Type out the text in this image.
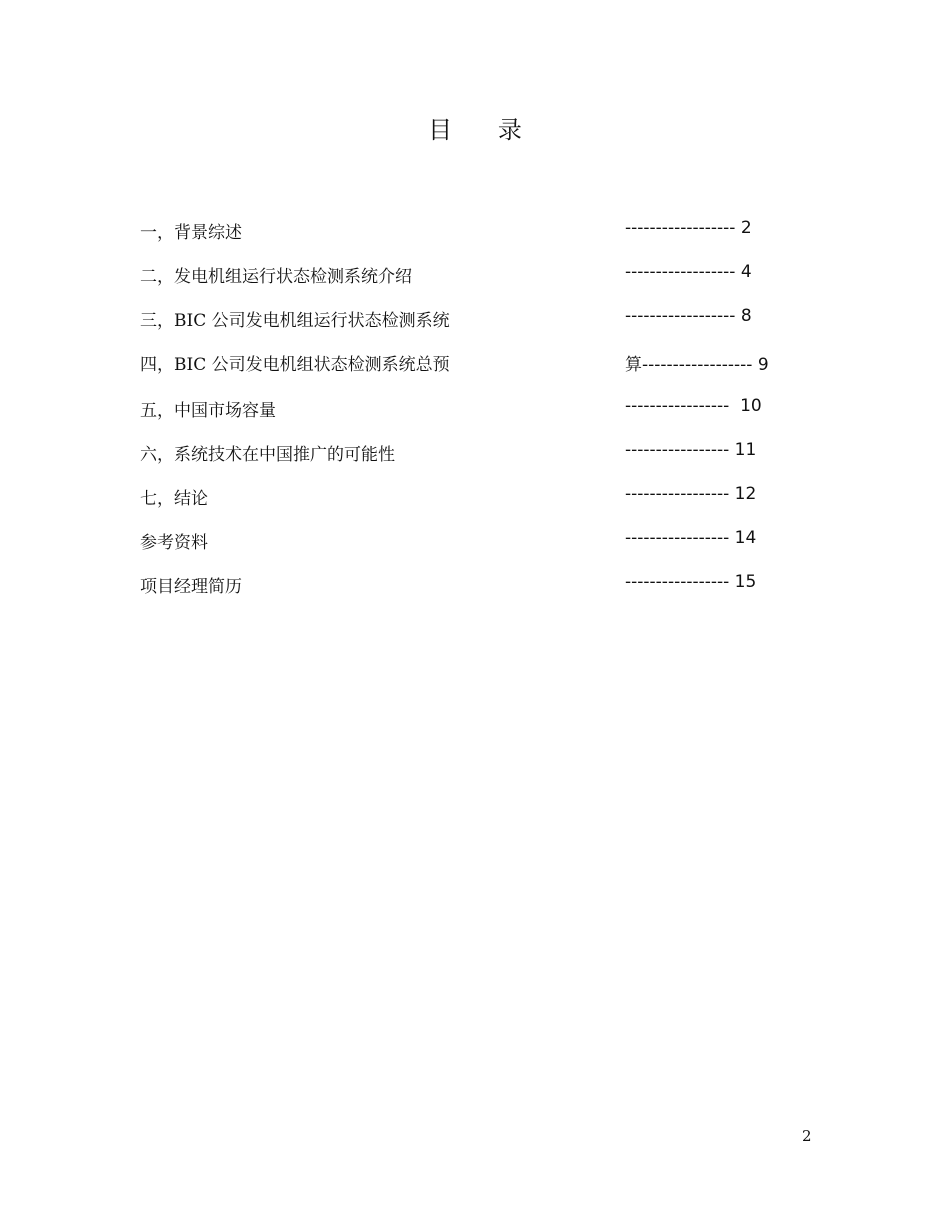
目      录
一，背景综述	------------------ 2
二，发电机组运行状态检测系统介绍	------------------ 4
三，BIC 公司发电机组运行状态检测系统	------------------ 8
四，BIC 公司发电机组状态检测系统总预	算------------------ 9
五，中国市场容量	-----------------  10
六，系统技术在中国推广的可能性	----------------- 11
七，结论	----------------- 12
参考资料	----------------- 14
项目经理简历	----------------- 15
2
